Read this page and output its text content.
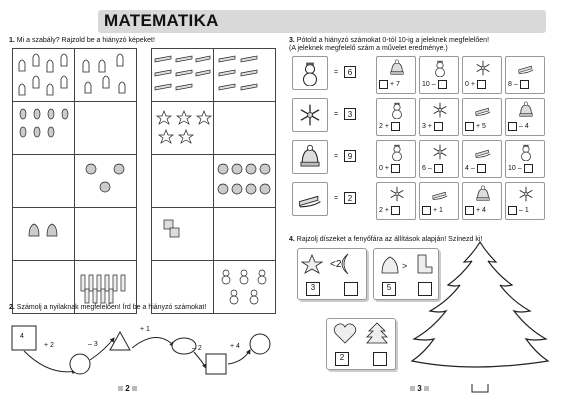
MATEMATIKA
1. Mi a szabály? Rajzold be a hiányzó képeket!

2. Számolj a nyilaknak megfelelően! Írd be a hiányzó számokat!
4
+ 2	– 3
+ 1
– 2	+ 4
2	3
3. Pótold a hiányzó számokat 0-tól 10-ig a jeleknek megfelelően!
(A jeleknek megfelelő szám a művelet eredménye.)
=	6
=	3
=	9
=	2
+ 7	10 –	0 +	8 –
2 +	3 +	+ 5	– 4
0 +	6 –	4 –	10 –
2 +	+ 1	+ 4	– 1
4. Rajzolj díszeket a fenyőfára az állítások alapján! Színezd ki!
<2
3
>
5
2
